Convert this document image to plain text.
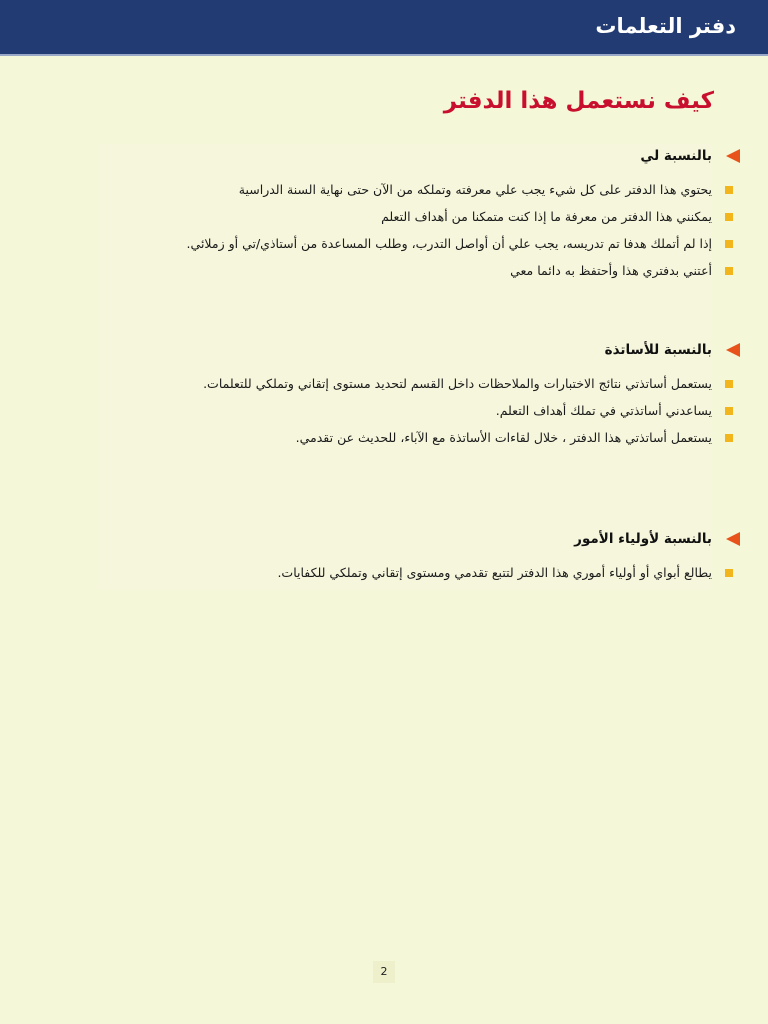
دفتر التعلمات
كيف نستعمل هذا الدفتر
بالنسبة لي
يحتوي هذا الدفتر على كل شيء يجب علي معرفته وتملكه من الآن حتى نهاية السنة الدراسية
يمكنني هذا الدفتر من معرفة ما إذا كنت متمكنا من أهداف التعلم
إذا لم أتملك هدفا تم تدريسه، يجب علي أن أواصل التدرب، وطلب المساعدة من أستاذي/تي أو زملائي.
أعتني بدفتري هذا وأحتفظ به دائما معي
بالنسبة للأساتذة
يستعمل أساتذتي نتائج الاختبارات والملاحظات داخل القسم لتحديد مستوى إتقاني وتملكي للتعلمات.
يساعدني أساتذتي في تملك أهداف التعلم.
يستعمل أساتذتي هذا الدفتر ، خلال لقاءات الأساتذة مع الآباء، للحديث عن تقدمي.
بالنسبة لأولياء الأمور
يطالع أبواي أو أولياء أموري هذا الدفتر لتتبع تقدمي ومستوى إتقاني وتملكي للكفايات.
2
